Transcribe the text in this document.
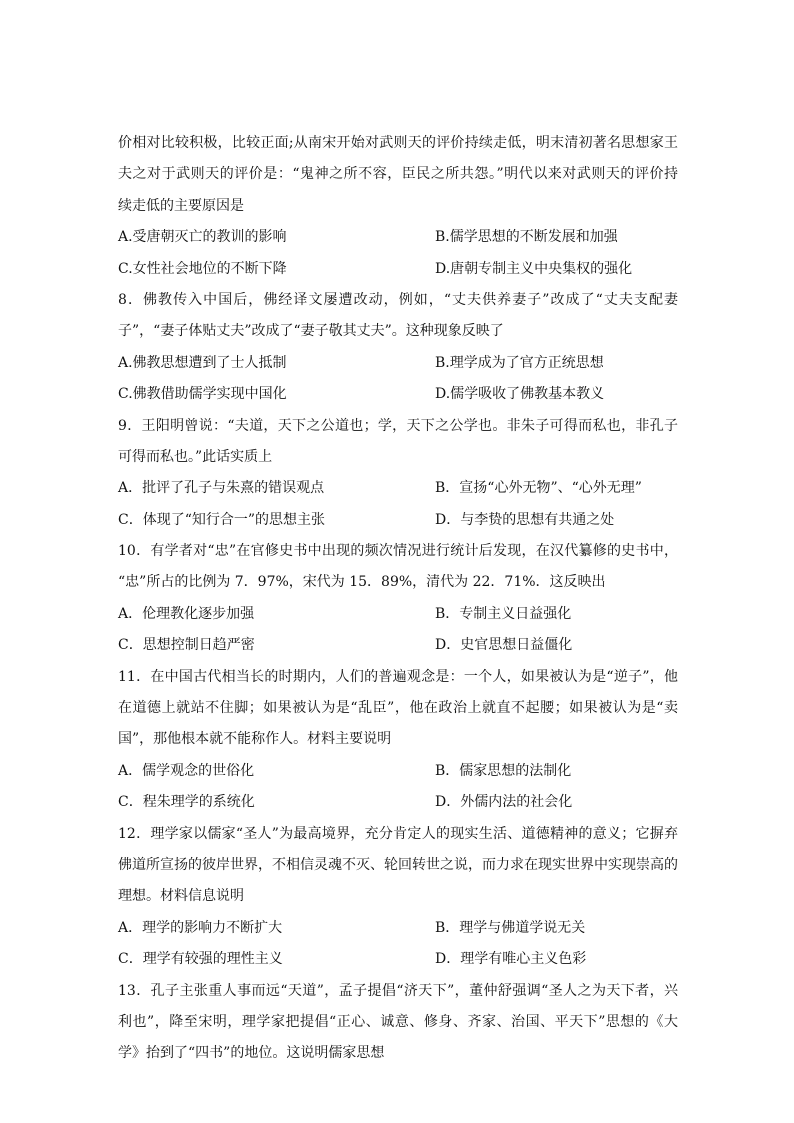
价相对比较积极，比较正面;从南宋开始对武则天的评价持续走低，明末清初著名思想家王
夫之对于武则天的评价是：“鬼神之所不容，臣民之所共怨。”明代以来对武则天的评价持
续走低的主要原因是
A.受唐朝灭亡的教训的影响	B.儒学思想的不断发展和加强
C.女性社会地位的不断下降	D.唐朝专制主义中央集权的强化
8．佛教传入中国后，佛经译文屡遭改动，例如，“丈夫供养妻子”改成了“丈夫支配妻
子”，“妻子体贴丈夫”改成了“妻子敬其丈夫”。这种现象反映了
A.佛教思想遭到了士人抵制	B.理学成为了官方正统思想
C.佛教借助儒学实现中国化	D.儒学吸收了佛教基本教义
9．王阳明曾说：“夫道，天下之公道也；学，天下之公学也。非朱子可得而私也，非孔子
可得而私也。”此话实质上
A．批评了孔子与朱熹的错误观点	B．宣扬“心外无物”、“心外无理”
C．体现了“知行合一”的思想主张	D．与李贽的思想有共通之处
10．有学者对“忠”在官修史书中出现的频次情况进行统计后发现，在汉代纂修的史书中，
“忠”所占的比例为 7．97%，宋代为 15．89%，清代为 22．71%．这反映出
A．伦理教化逐步加强	B．专制主义日益强化
C．思想控制日趋严密	D．史官思想日益僵化
11．在中国古代相当长的时期内，人们的普遍观念是：一个人，如果被认为是“逆子”，他
在道德上就站不住脚；如果被认为是“乱臣”，他在政治上就直不起腰；如果被认为是“卖
国”，那他根本就不能称作人。材料主要说明
A．儒学观念的世俗化	B．儒家思想的法制化
C．程朱理学的系统化	D．外儒内法的社会化
12．理学家以儒家“圣人”为最高境界，充分肯定人的现实生活、道德精神的意义；它摒弃
佛道所宣扬的彼岸世界，不相信灵魂不灭、轮回转世之说，而力求在现实世界中实现崇高的
理想。材料信息说明
A．理学的影响力不断扩大	B．理学与佛道学说无关
C．理学有较强的理性主义	D．理学有唯心主义色彩
13．孔子主张重人事而远“天道”，孟子提倡“济天下”，董仲舒强调“圣人之为天下者，兴
利也”，降至宋明，理学家把提倡“正心、诚意、修身、齐家、治国、平天下”思想的《大
学》抬到了“四书”的地位。这说明儒家思想
